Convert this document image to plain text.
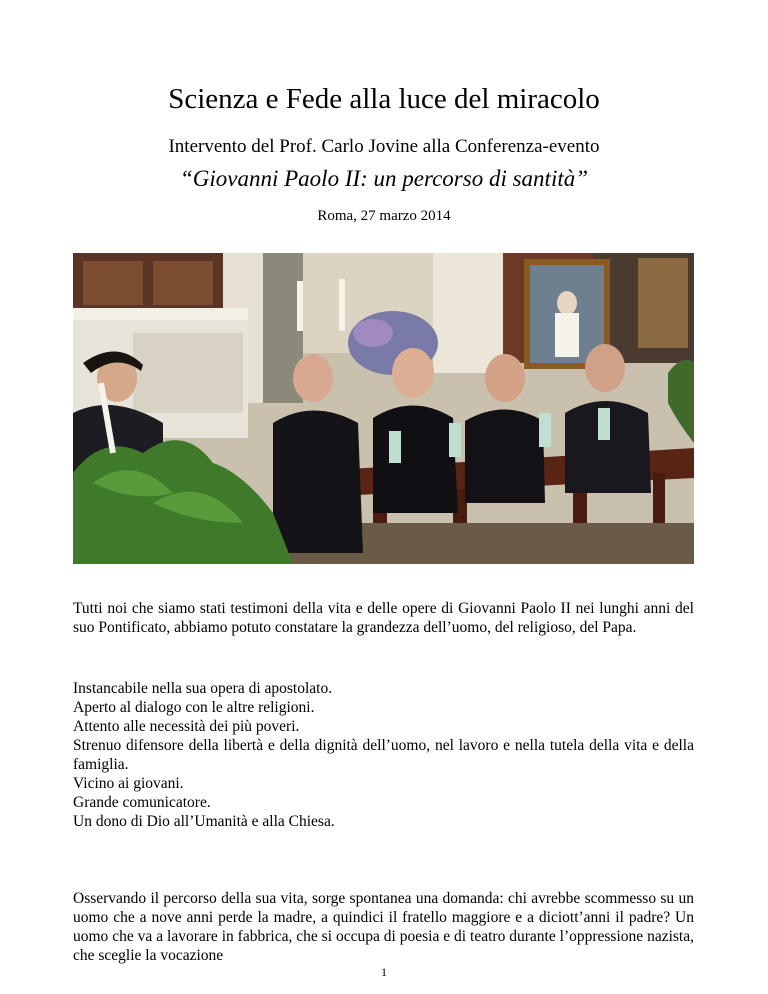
Scienza e Fede alla luce del miracolo
Intervento del Prof. Carlo Jovine alla Conferenza-evento
“Giovanni Paolo II: un percorso di santità”
Roma, 27 marzo 2014
Tutti noi che siamo stati testimoni della vita e delle opere di Giovanni Paolo II nei lunghi anni del suo Pontificato, abbiamo potuto constatare la grandezza dell’uomo, del religioso, del Papa.
Instancabile nella sua opera di apostolato.
Aperto al dialogo con le altre religioni.
Attento alle necessità dei più poveri.
Strenuo difensore della libertà e della dignità dell’uomo, nel lavoro e nella tutela della vita e della famiglia.
Vicino ai giovani.
Grande comunicatore.
Un dono di Dio all’Umanità e alla Chiesa.
Osservando il percorso della sua vita, sorge spontanea una domanda: chi avrebbe scommesso su un uomo che a nove anni perde la madre, a quindici il fratello maggiore e a diciott’anni il padre? Un uomo che va a lavorare in fabbrica, che si occupa di poesia e di teatro durante l’oppressione nazista, che sceglie la vocazione
1
